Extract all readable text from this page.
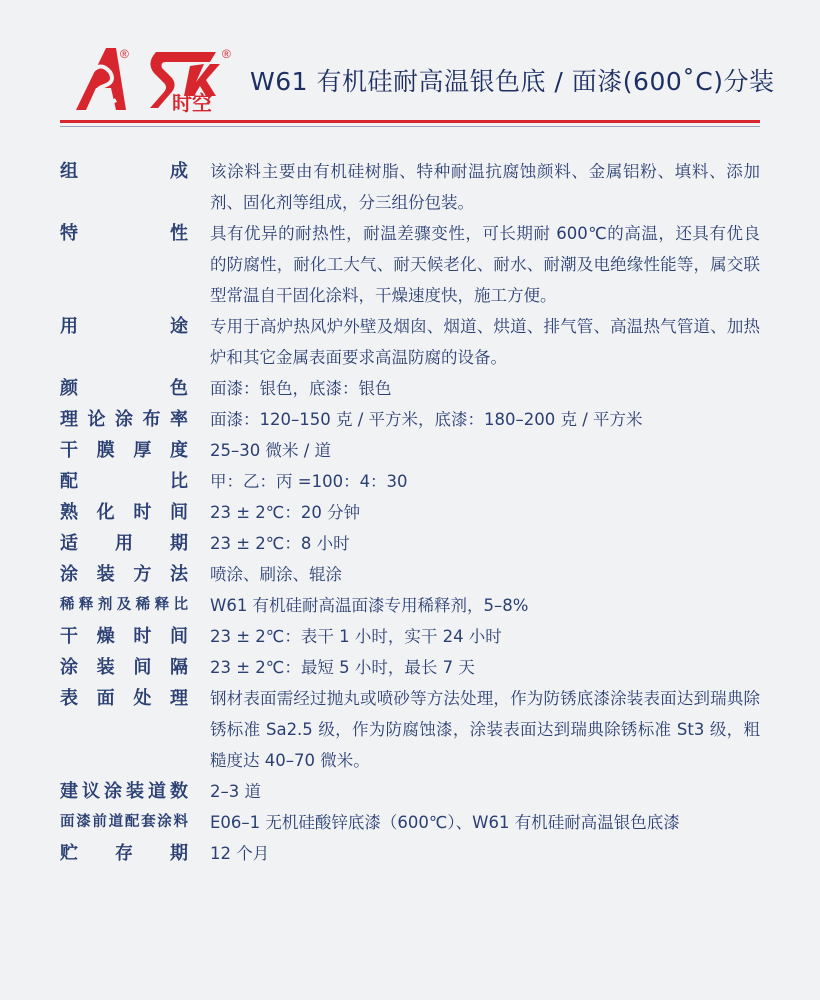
®	®
时空
W61 有机硅耐高温银色底 / 面漆(600˚C)分装
组成 该涂料主要由有机硅树脂、特种耐温抗腐蚀颜料、金属铝粉、填料、添加剂、固化剂等组成，分三组份包装。
特性 具有优异的耐热性，耐温差骤变性，可长期耐 600℃的高温，还具有优良的防腐性，耐化工大气、耐天候老化、耐水、耐潮及电绝缘性能等，属交联型常温自干固化涂料，干燥速度快，施工方便。
用途 专用于高炉热风炉外壁及烟囱、烟道、烘道、排气管、高温热气管道、加热炉和其它金属表面要求高温防腐的设备。
颜色 面漆：银色，底漆：银色
理论涂布率 面漆：120–150 克 / 平方米，底漆：180–200 克 / 平方米
干膜厚度 25–30 微米 / 道
配比 甲：乙：丙 =100：4：30
熟化时间 23 ± 2℃：20 分钟
适用期 23 ± 2℃：8 小时
涂装方法 喷涂、刷涂、辊涂
稀释剂及稀释比 W61 有机硅耐高温面漆专用稀释剂，5–8%
干燥时间 23 ± 2℃：表干 1 小时，实干 24 小时
涂装间隔 23 ± 2℃：最短 5 小时，最长 7 天
表面处理 钢材表面需经过抛丸或喷砂等方法处理，作为防锈底漆涂装表面达到瑞典除锈标准 Sa2.5 级，作为防腐蚀漆，涂装表面达到瑞典除锈标准 St3 级，粗糙度达 40–70 微米。
建议涂装道数 2–3 道
面漆前道配套涂料 E06–1 无机硅酸锌底漆（600℃）、W61 有机硅耐高温银色底漆
贮存期 12 个月
